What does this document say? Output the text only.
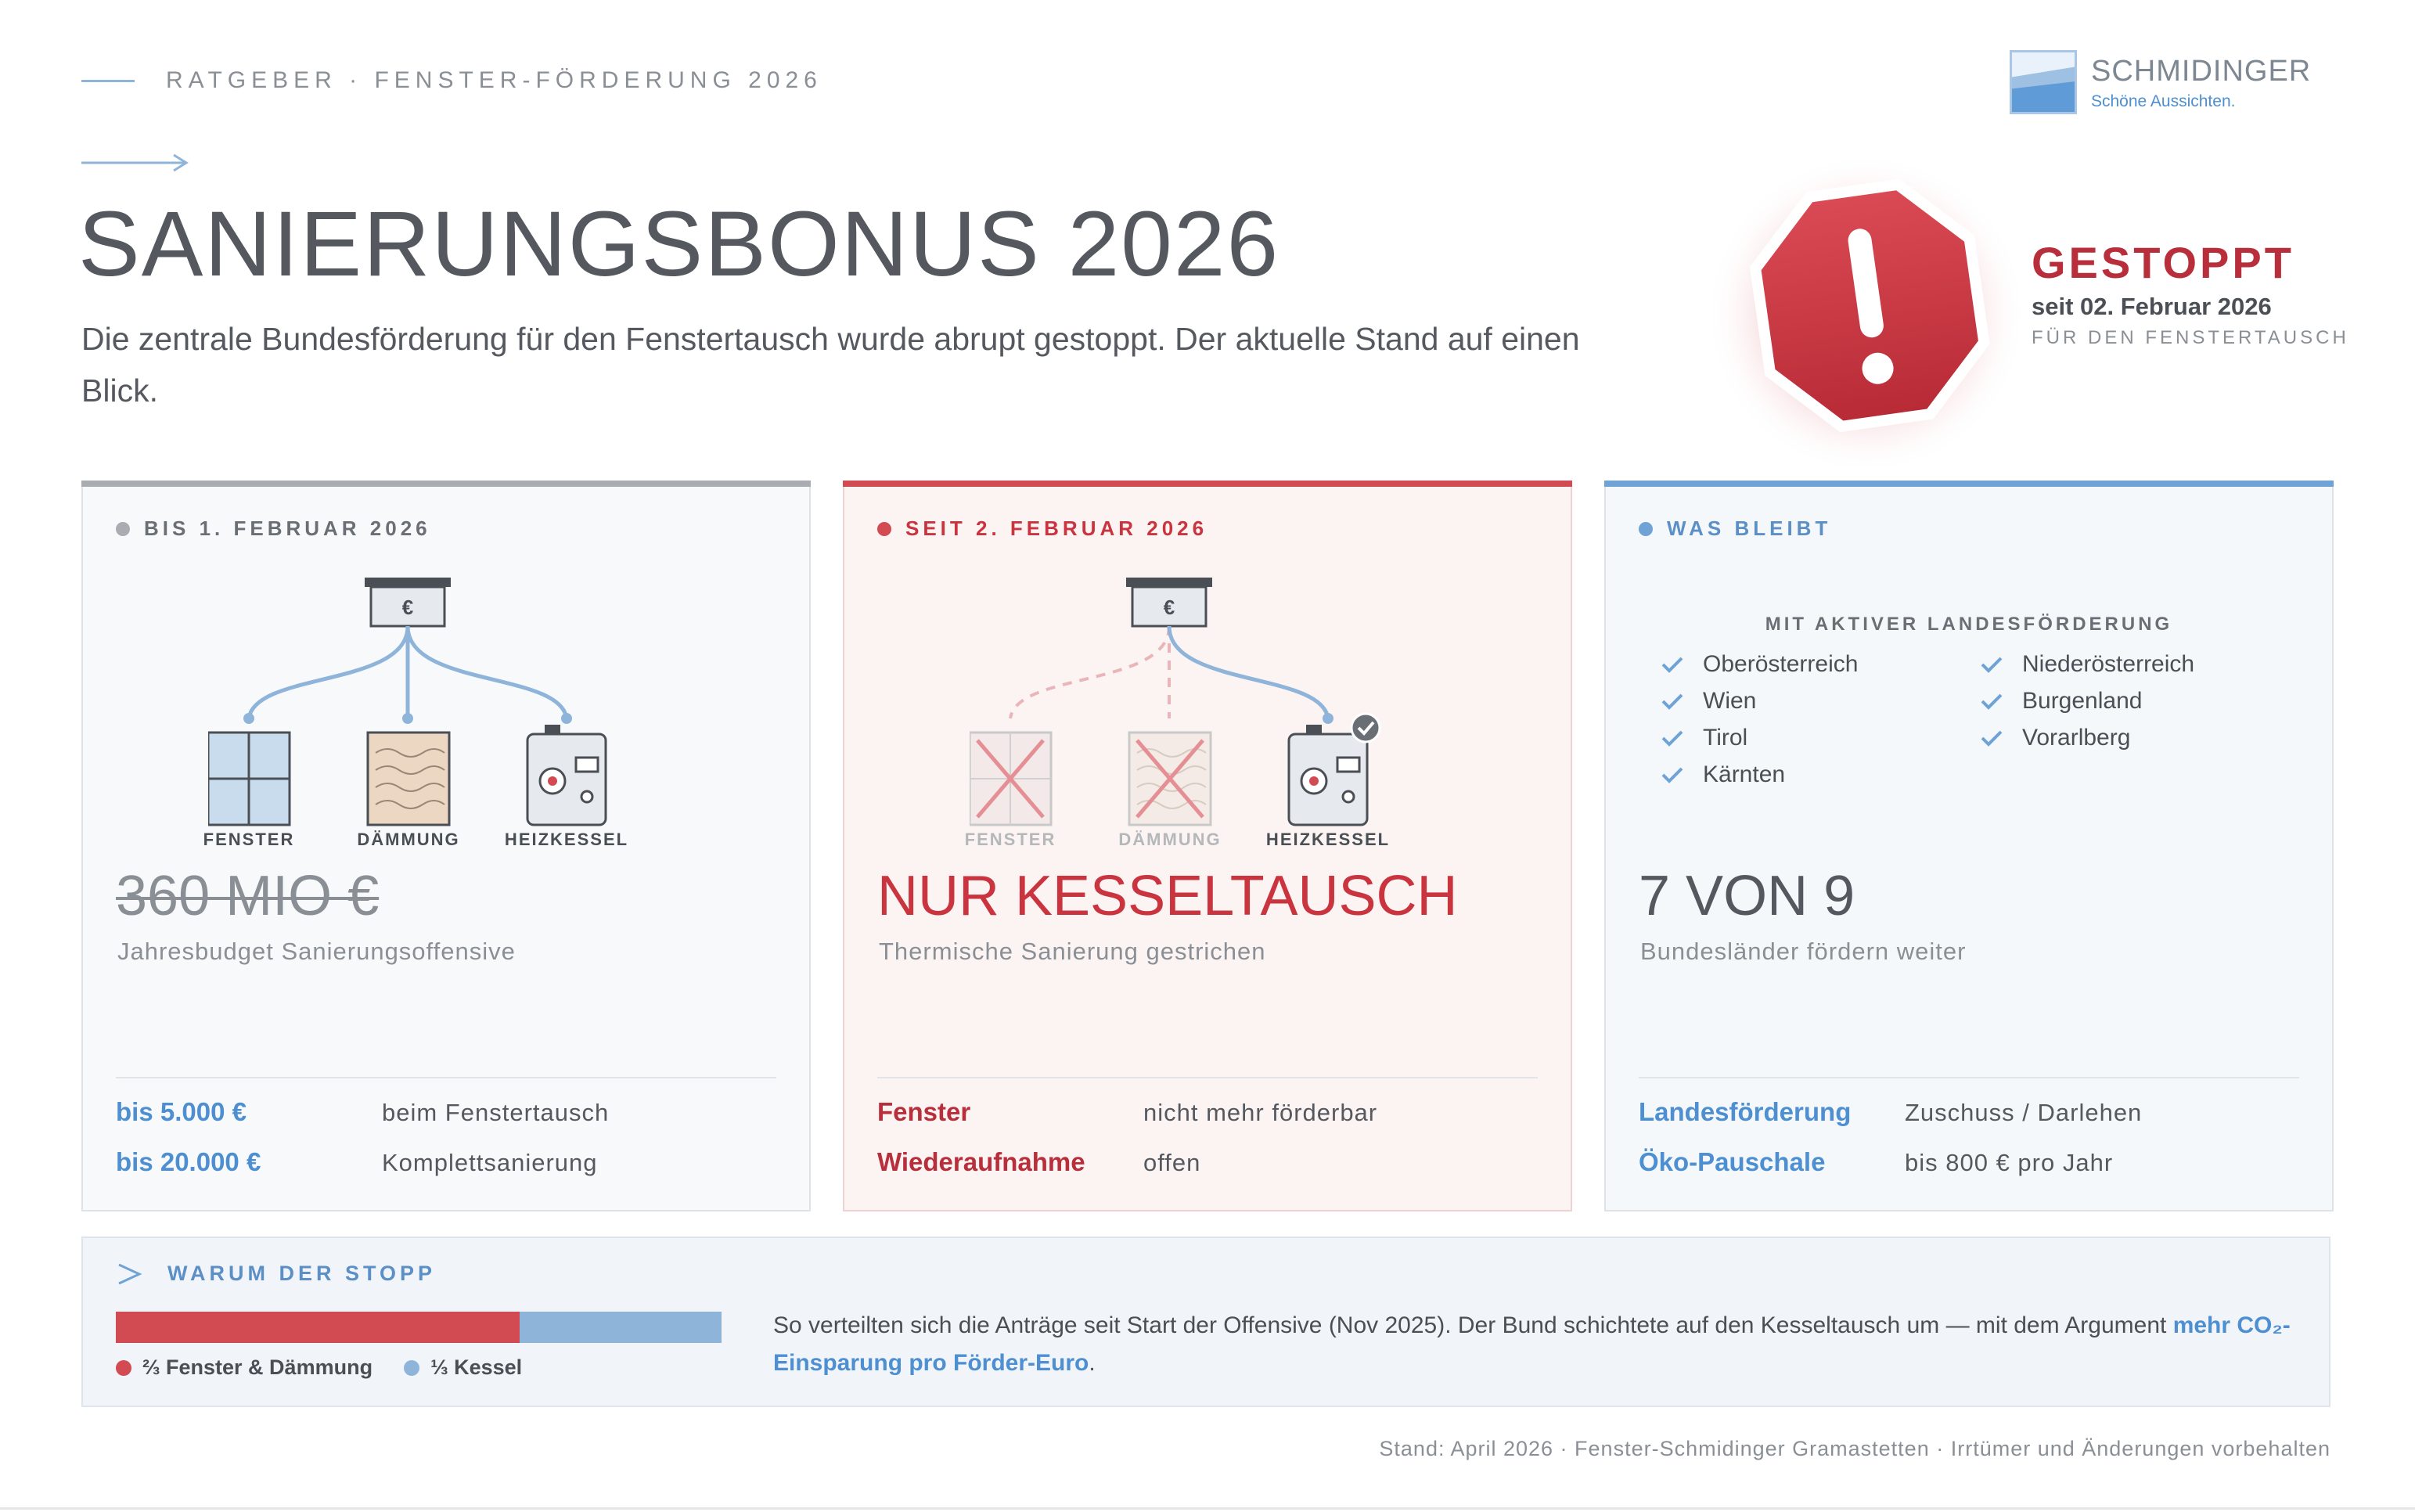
RATGEBER · FENSTER-FÖRDERUNG 2026	SCHMIDINGER
Schöne Aussichten.
SANIERUNGSBONUS 2026

Die zentrale Bundesförderung für den Fenstertausch wurde abrupt gestoppt. Der aktuelle Stand auf einen Blick.

GESTOPPT
seit 02. Februar 2026
FÜR DEN FENSTERTAUSCH
BIS 1. FEBRUAR 2026
€
FENSTER	DÄMMUNG	HEIZKESSEL
360 MIO €
Jahresbudget Sanierungsoffensive
bis 5.000 €	beim Fenstertausch
bis 20.000 €	Komplettsanierung
SEIT 2. FEBRUAR 2026
€
FENSTER	DÄMMUNG	HEIZKESSEL
NUR KESSELTAUSCH
Thermische Sanierung gestrichen
Fenster	nicht mehr förderbar
Wiederaufnahme	offen
WAS BLEIBT
MIT AKTIVER LANDESFÖRDERUNG
Oberösterreich	Niederösterreich
Wien	Burgenland
Tirol	Vorarlberg
Kärnten
7 VON 9
Bundesländer fördern weiter
Landesförderung	Zuschuss / Darlehen
Öko-Pauschale	bis 800 € pro Jahr
WARUM DER STOPP
⅔ Fenster & Dämmung	⅓ Kessel

So verteilten sich die Anträge seit Start der Offensive (Nov 2025). Der Bund schichtete auf den Kesseltausch um — mit dem Argument mehr CO₂-Einsparung pro Förder-Euro.

Stand: April 2026 · Fenster-Schmidinger Gramastetten · Irrtümer und Änderungen vorbehalten
